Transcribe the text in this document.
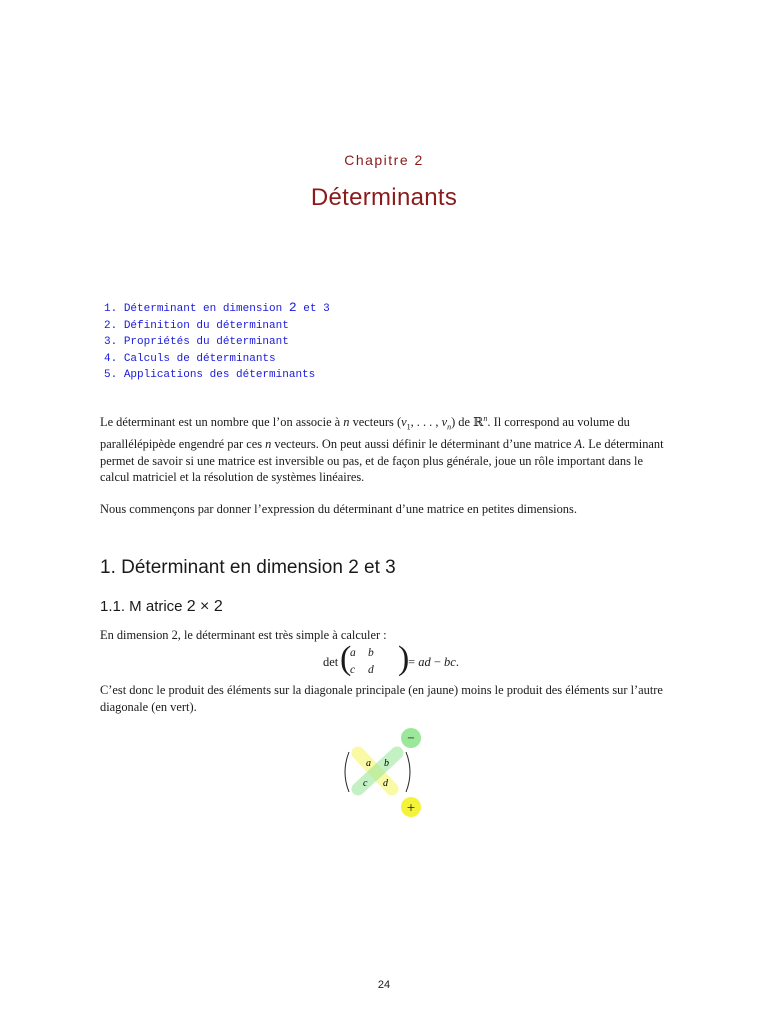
Chapitre 2
Déterminants
1. Déterminant en dimension 2 et 3
2. Définition du déterminant
3. Propriétés du déterminant
4. Calculs de déterminants
5. Applications des déterminants

Le déterminant est un nombre que l’on associe à n vecteurs ($v_1$, . . . , $v_n$) de ℝ$^n$. Il correspond au volume du parallélépipède engendré par ces n vecteurs. On peut aussi définir le déterminant d’une matrice A. Le déterminant permet de savoir si une matrice est inversible ou pas, et de façon plus générale, joue un rôle important dans le calcul matriciel et la résolution de systèmes linéaires.

Nous commençons par donner l’expression du déterminant d’une matrice en petites dimensions.

1. Déterminant en dimension 2 et 3
1.1. M atrice 2 × 2

En dimension 2, le déterminant est très simple à calculer :

det (
a b
c d )
= ad − bc.

C’est donc le produit des éléments sur la diagonale principale (en jaune) moins le produit des éléments sur l’autre diagonale (en vert).

a b
c d
−
+
24
